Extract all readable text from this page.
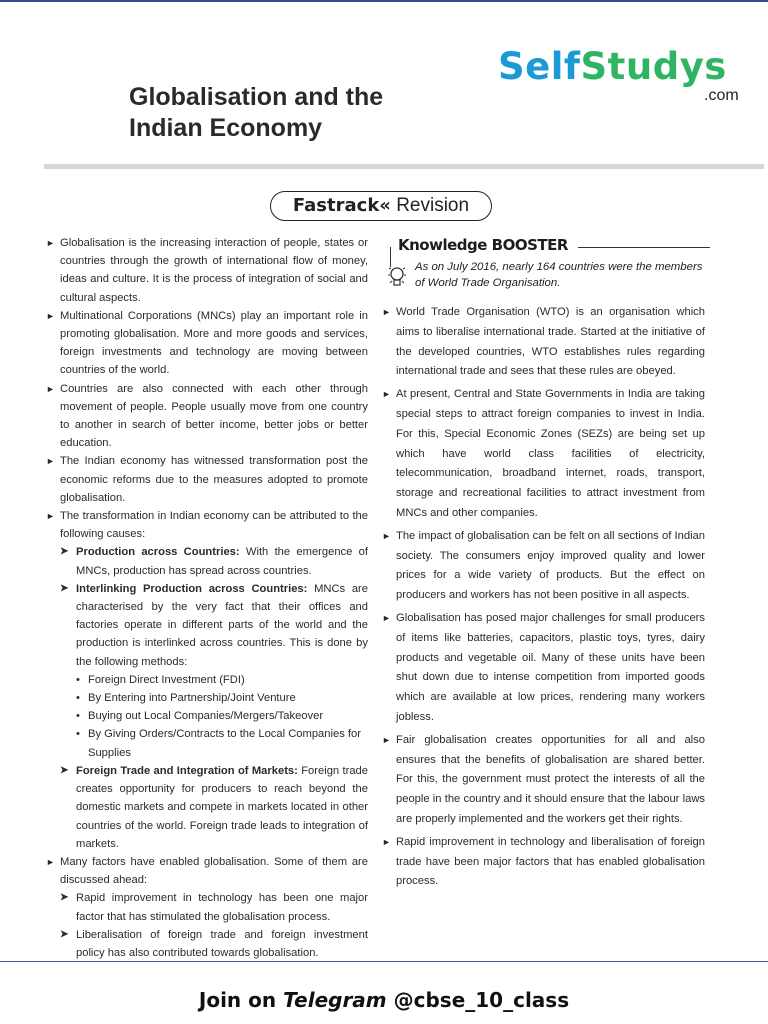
SelfStudys
.com
Globalisation and the
Indian Economy
Fastrack« Revision
► Globalisation is the increasing interaction of people, states or countries through the growth of international flow of money, ideas and culture. It is the process of integration of social and cultural aspects.
► Multinational Corporations (MNCs) play an important role in promoting globalisation. More and more goods and services, foreign investments and technology are moving between countries of the world.
► Countries are also connected with each other through movement of people. People usually move from one country to another in search of better income, better jobs or better education.
► The Indian economy has witnessed transformation post the economic reforms due to the measures adopted to promote globalisation.
► The transformation in Indian economy can be attributed to the following causes:
➤ Production across Countries: With the emergence of MNCs, production has spread across countries.
➤ Interlinking Production across Countries: MNCs are characterised by the very fact that their offices and factories operate in different parts of the world and the production is interlinked across countries. This is done by the following methods:
• Foreign Direct Investment (FDI)
• By Entering into Partnership/Joint Venture
• Buying out Local Companies/Mergers/Takeover
• By Giving Orders/Contracts to the Local Companies for Supplies
➤ Foreign Trade and Integration of Markets: Foreign trade creates opportunity for producers to reach beyond the domestic markets and compete in markets located in other countries of the world. Foreign trade leads to integration of markets.
► Many factors have enabled globalisation. Some of them are discussed ahead:
➤ Rapid improvement in technology has been one major factor that has stimulated the globalisation process.
➤ Liberalisation of foreign trade and foreign investment policy has also contributed towards globalisation.
Knowledge BOOSTER
As on July 2016, nearly 164 countries were the members of World Trade Organisation.
► World Trade Organisation (WTO) is an organisation which aims to liberalise international trade. Started at the initiative of the developed countries, WTO establishes rules regarding international trade and sees that these rules are obeyed.
► At present, Central and State Governments in India are taking special steps to attract foreign companies to invest in India. For this, Special Economic Zones (SEZs) are being set up which have world class facilities of electricity, telecommunication, broadband internet, roads, transport, storage and recreational facilities to attract investment from MNCs and other companies.
► The impact of globalisation can be felt on all sections of Indian society. The consumers enjoy improved quality and lower prices for a wide variety of products. But the effect on producers and workers has not been positive in all aspects.
► Globalisation has posed major challenges for small producers of items like batteries, capacitors, plastic toys, tyres, dairy products and vegetable oil. Many of these units have been shut down due to intense competition from imported goods which are available at low prices, rendering many workers jobless.
► Fair globalisation creates opportunities for all and also ensures that the benefits of globalisation are shared better. For this, the government must protect the interests of all the people in the country and it should ensure that the labour laws are properly implemented and the workers get their rights.
► Rapid improvement in technology and liberalisation of foreign trade have been major factors that has enabled globalisation process.
Join on Telegram @cbse_10_class
